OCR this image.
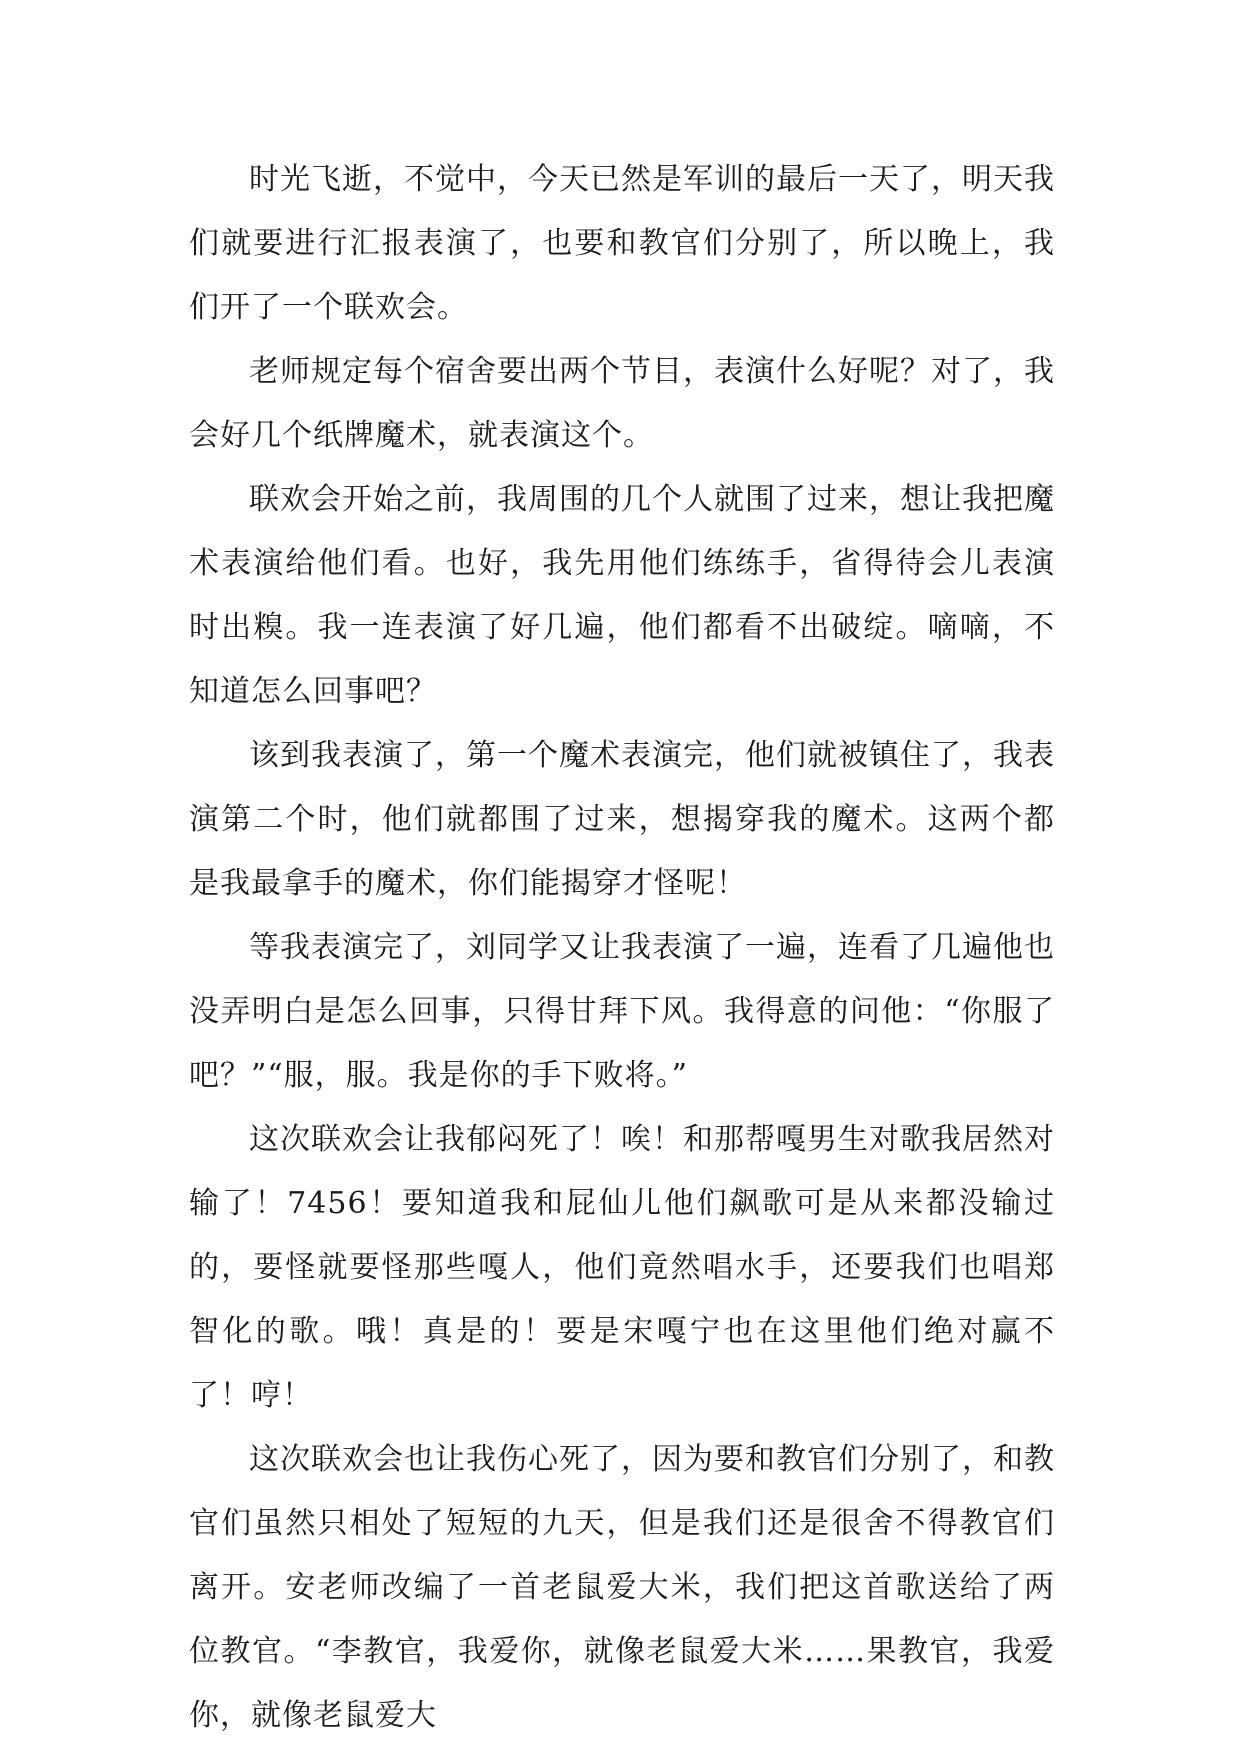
时光飞逝，不觉中，今天已然是军训的最后一天了，明天我们就要进行汇报表演了，也要和教官们分别了，所以晚上，我们开了一个联欢会。

老师规定每个宿舍要出两个节目，表演什么好呢？对了，我会好几个纸牌魔术，就表演这个。

联欢会开始之前，我周围的几个人就围了过来，想让我把魔术表演给他们看。也好，我先用他们练练手，省得待会儿表演时出糗。我一连表演了好几遍，他们都看不出破绽。嘀嘀，不知道怎么回事吧？

该到我表演了，第一个魔术表演完，他们就被镇住了，我表演第二个时，他们就都围了过来，想揭穿我的魔术。这两个都是我最拿手的魔术，你们能揭穿才怪呢！

等我表演完了，刘同学又让我表演了一遍，连看了几遍他也没弄明白是怎么回事，只得甘拜下风。我得意的问他：“你服了吧？”“服，服。我是你的手下败将。”

这次联欢会让我郁闷死了！唉！和那帮嘎男生对歌我居然对输了！7456！要知道我和屁仙儿他们飙歌可是从来都没输过的，要怪就要怪那些嘎人，他们竟然唱水手，还要我们也唱郑智化的歌。哦！真是的！要是宋嘎宁也在这里他们绝对赢不了！哼！

这次联欢会也让我伤心死了，因为要和教官们分别了，和教官们虽然只相处了短短的九天，但是我们还是很舍不得教官们离开。安老师改编了一首老鼠爱大米，我们把这首歌送给了两位教官。“李教官，我爱你，就像老鼠爱大米……果教官，我爱你，就像老鼠爱大
